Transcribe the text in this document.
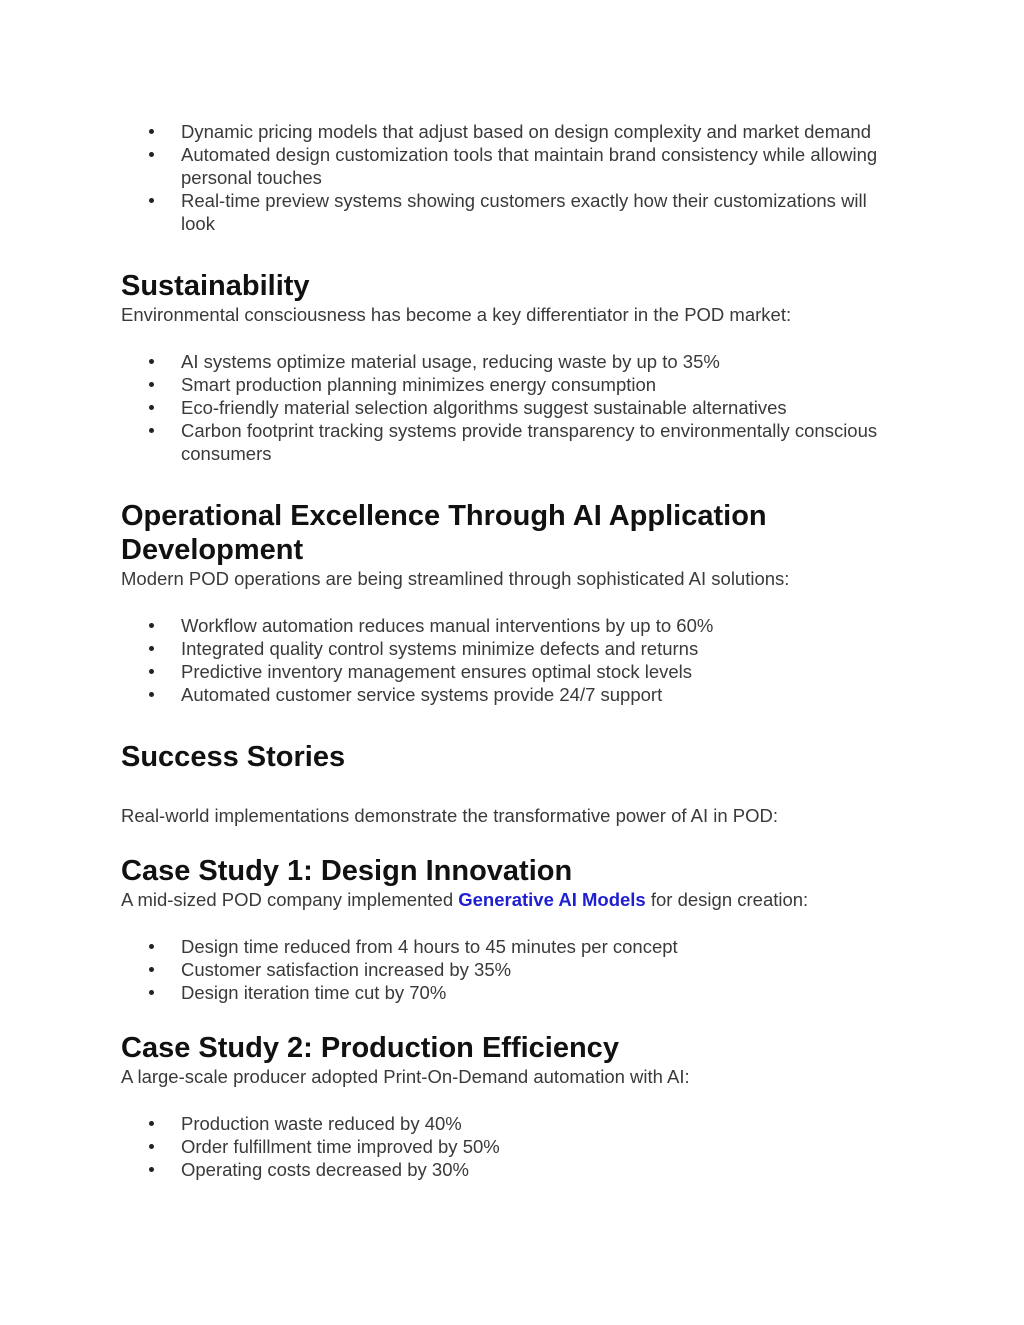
Dynamic pricing models that adjust based on design complexity and market demand
Automated design customization tools that maintain brand consistency while allowing personal touches
Real-time preview systems showing customers exactly how their customizations will look
Sustainability

Environmental consciousness has become a key differentiator in the POD market:

AI systems optimize material usage, reducing waste by up to 35%
Smart production planning minimizes energy consumption
Eco-friendly material selection algorithms suggest sustainable alternatives
Carbon footprint tracking systems provide transparency to environmentally conscious consumers
Operational Excellence Through AI Application Development

Modern POD operations are being streamlined through sophisticated AI solutions:

Workflow automation reduces manual interventions by up to 60%
Integrated quality control systems minimize defects and returns
Predictive inventory management ensures optimal stock levels
Automated customer service systems provide 24/7 support
Success Stories

Real-world implementations demonstrate the transformative power of AI in POD:

Case Study 1: Design Innovation

A mid-sized POD company implemented Generative AI Models for design creation:

Design time reduced from 4 hours to 45 minutes per concept
Customer satisfaction increased by 35%
Design iteration time cut by 70%
Case Study 2: Production Efficiency

A large-scale producer adopted Print-On-Demand automation with AI:

Production waste reduced by 40%
Order fulfillment time improved by 50%
Operating costs decreased by 30%
